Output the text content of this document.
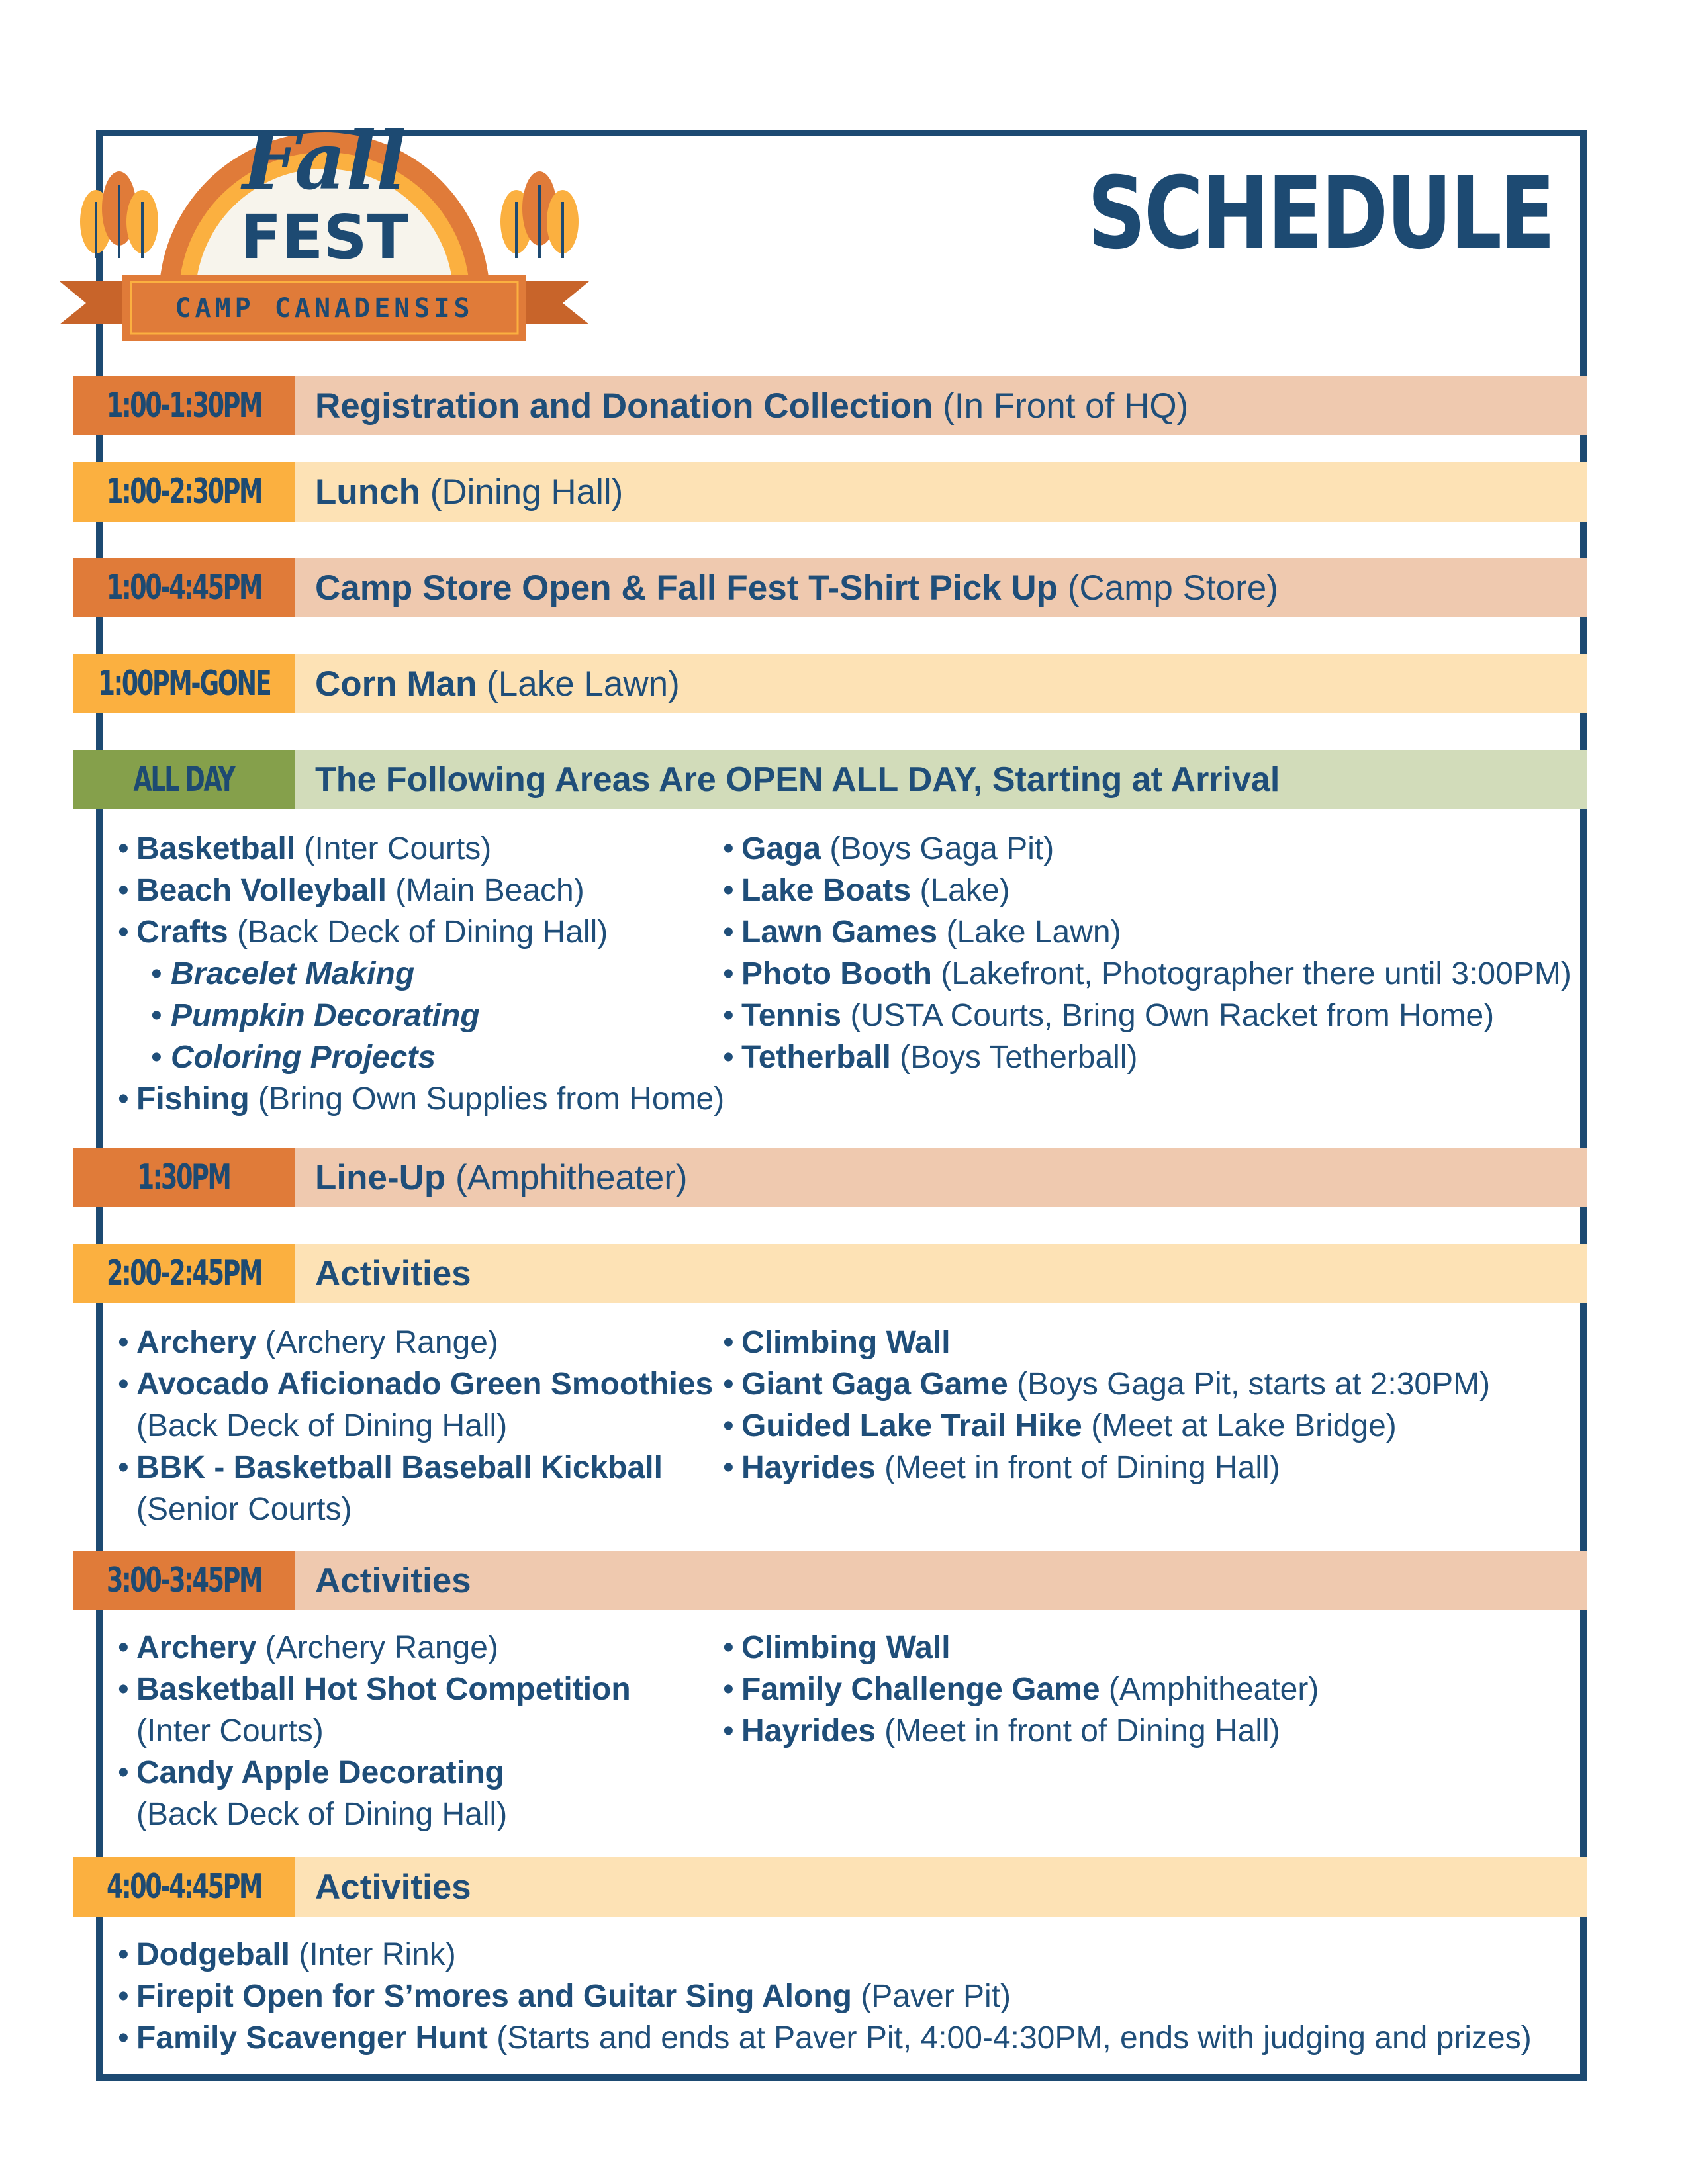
Fall
FEST
CAMP CANADENSIS
SCHEDULE
1:00-1:30PM Registration and Donation Collection
(In Front of HQ)
1:00-2:30PM Lunch
(Dining Hall)
1:00-4:45PM Camp Store Open & Fall Fest T-Shirt Pick Up
(Camp Store)
1:00PM-GONE Corn Man
(Lake Lawn)
ALL DAY The Following Areas Are OPEN ALL DAY, Starting at Arrival
• Basketball (Inter Courts)
• Beach Volleyball (Main Beach)
• Crafts (Back Deck of Dining Hall)
• Bracelet Making
• Pumpkin Decorating
• Coloring Projects
• Fishing (Bring Own Supplies from Home)
• Gaga (Boys Gaga Pit)
• Lake Boats (Lake)
• Lawn Games (Lake Lawn)
• Photo Booth (Lakefront, Photographer there until 3:00PM)
• Tennis (USTA Courts, Bring Own Racket from Home)
• Tetherball (Boys Tetherball)
1:30PM Line-Up
(Amphitheater)
2:00-2:45PM Activities
• Archery (Archery Range)
• Avocado Aficionado Green Smoothies
(Back Deck of Dining Hall)
• BBK - Basketball Baseball Kickball
(Senior Courts)
• Climbing Wall
• Giant Gaga Game (Boys Gaga Pit, starts at 2:30PM)
• Guided Lake Trail Hike (Meet at Lake Bridge)
• Hayrides (Meet in front of Dining Hall)
3:00-3:45PM Activities
• Archery (Archery Range)
• Basketball Hot Shot Competition
(Inter Courts)
• Candy Apple Decorating
(Back Deck of Dining Hall)
• Climbing Wall
• Family Challenge Game (Amphitheater)
• Hayrides (Meet in front of Dining Hall)
4:00-4:45PM Activities
• Dodgeball (Inter Rink)
• Firepit Open for S’mores and Guitar Sing Along (Paver Pit)
• Family Scavenger Hunt (Starts and ends at Paver Pit, 4:00-4:30PM, ends with judging and prizes)
